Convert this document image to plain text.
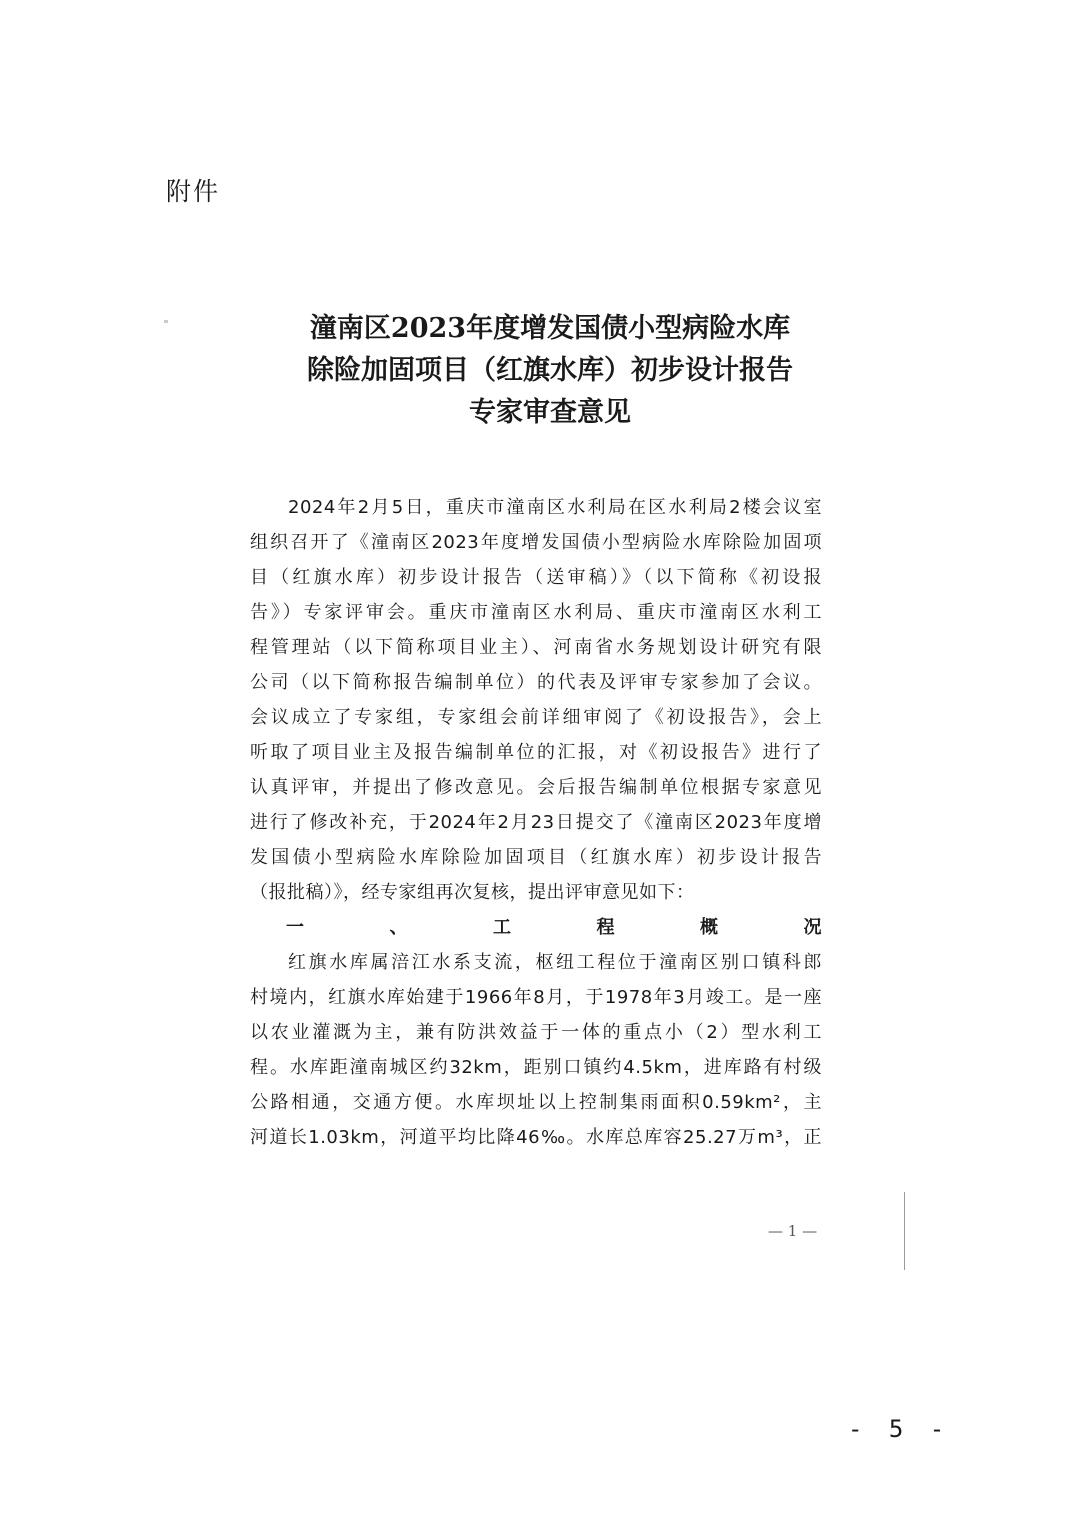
附件
潼南区2023年度增发国债小型病险水库
除险加固项目（红旗水库）初步设计报告
专家审查意见
2024年2月5日，重庆市潼南区水利局在区水利局2楼会议室
组织召开了《潼南区2023年度增发国债小型病险水库除险加固项
目（红旗水库）初步设计报告（送审稿）》（以下简称《初设报
告》）专家评审会。重庆市潼南区水利局、重庆市潼南区水利工
程管理站（以下简称项目业主）、河南省水务规划设计研究有限
公司（以下简称报告编制单位）的代表及评审专家参加了会议。
会议成立了专家组，专家组会前详细审阅了《初设报告》，会上
听取了项目业主及报告编制单位的汇报，对《初设报告》进行了
认真评审，并提出了修改意见。会后报告编制单位根据专家意见
进行了修改补充，于2024年2月23日提交了《潼南区2023年度增
发国债小型病险水库除险加固项目（红旗水库）初步设计报告
（报批稿）》，经专家组再次复核，提出评审意见如下：
一、工程概况
红旗水库属涪江水系支流，枢纽工程位于潼南区别口镇科郎
村境内，红旗水库始建于1966年8月，于1978年3月竣工。是一座
以农业灌溉为主，兼有防洪效益于一体的重点小（2）型水利工
程。水库距潼南城区约32km，距别口镇约4.5km，进库路有村级
公路相通，交通方便。水库坝址以上控制集雨面积0.59km²，主
河道长1.03km，河道平均比降46‰。水库总库容25.27万m³，正
— 1 —
- 5 -
